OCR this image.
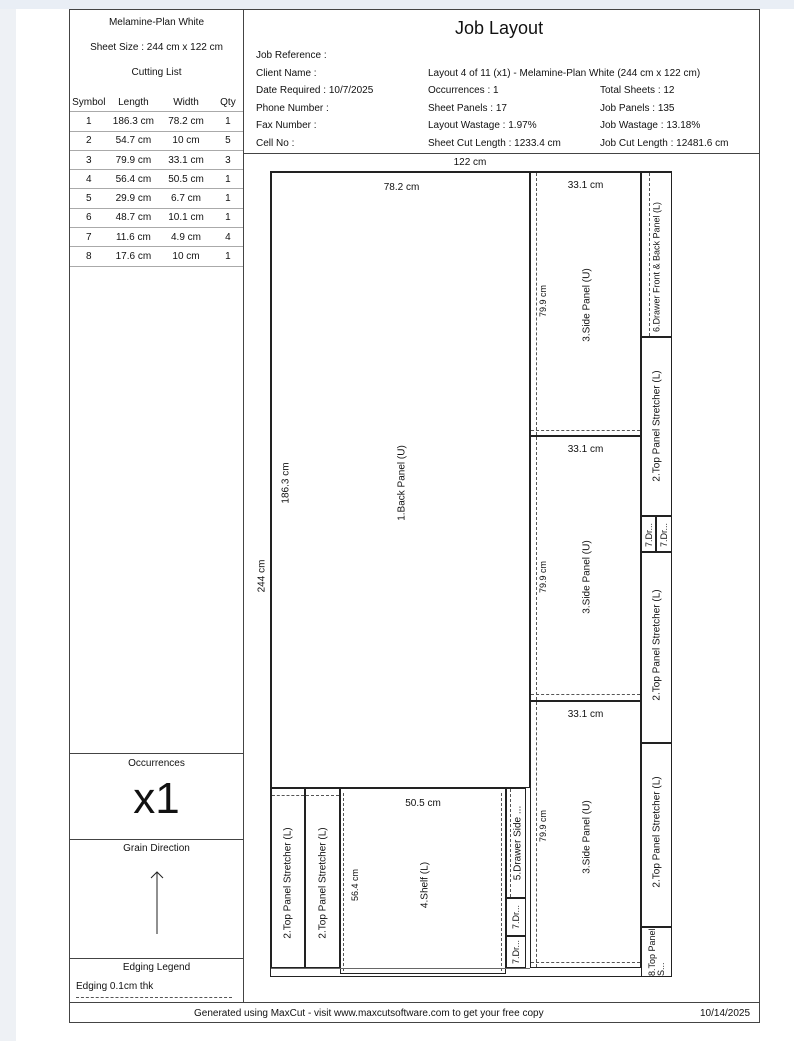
Melamine-Plan White
Sheet Size : 244 cm x 122 cm
Cutting List
Symbol	Length	Width	Qty
1	186.3 cm	78.2 cm	1
2	54.7 cm	10 cm	5
3	79.9 cm	33.1 cm	3
4	56.4 cm	50.5 cm	1
5	29.9 cm	6.7 cm	1
6	48.7 cm	10.1 cm	1
7	11.6 cm	4.9 cm	4
8	17.6 cm	10 cm	1
Occurrences
x1
Grain Direction
Edging Legend
Edging 0.1cm thk
Job Layout
Job Reference :
Client Name :
Date Required : 10/7/2025
Phone Number :
Fax Number :
Cell No :
Layout 4 of 11 (x1) - Melamine-Plan White (244 cm x 122 cm)
Occurrences : 1
Sheet Panels : 17
Layout Wastage : 1.97%
Sheet Cut Length : 1233.4 cm
Total Sheets : 12
Job Panels : 135
Job Wastage : 13.18%
Job Cut Length : 12481.6 cm
122 cm
244 cm
78.2 cm
186.3 cm	1.Back Panel (U)
33.1 cm
79.9 cm	3.Side Panel (U)
33.1 cm
79.9 cm	3.Side Panel (U)
33.1 cm
79.9 cm	3.Side Panel (U)
6.Drawer Front & Back Panel (L)
2.Top Panel Stretcher (L)
7.Dr... 7.Dr...
2.Top Panel Stretcher (L)
2.Top Panel Stretcher (L)
8.Top Panel S...
2.Top Panel Stretcher (L) 2.Top Panel Stretcher (L)
50.5 cm
56.4 cm	4.Shelf (L)
5.Drawer Side ...
7.Dr...
7.Dr...
Generated using MaxCut - visit www.maxcutsoftware.com to get your free copy	10/14/2025
